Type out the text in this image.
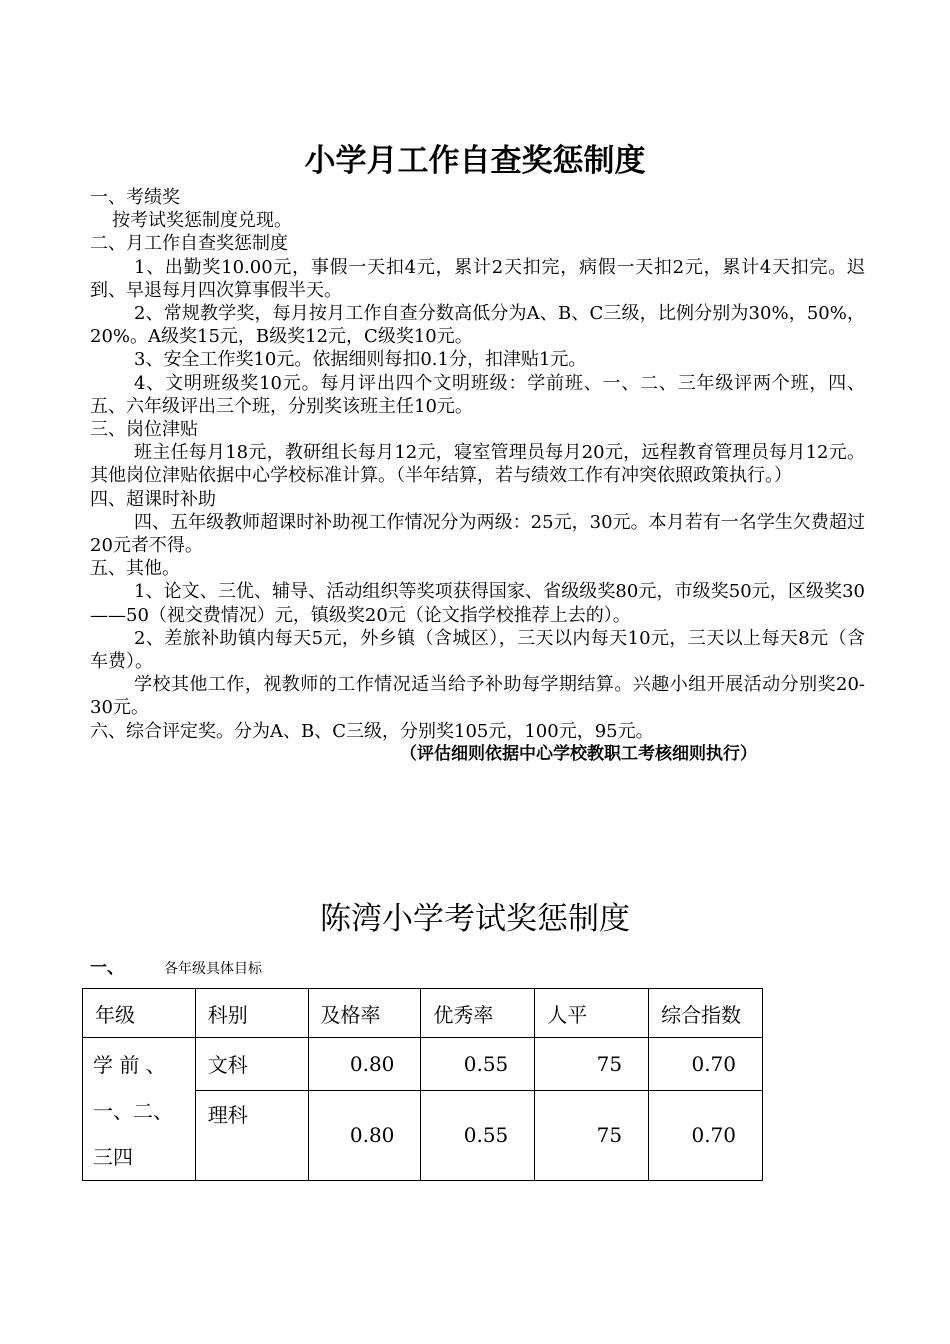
小学月工作自查奖惩制度

一、考绩奖

按考试奖惩制度兑现。

二、月工作自查奖惩制度

1、出勤奖10.00元，事假一天扣4元，累计2天扣完，病假一天扣2元，累计4天扣完。迟到、早退每月四次算事假半天。

2、常规教学奖，每月按月工作自查分数高低分为A、B、C三级，比例分别为30%，50%，20%。A级奖15元，B级奖12元，C级奖10元。

3、安全工作奖10元。依据细则每扣0.1分，扣津贴1元。

4、文明班级奖10元。每月评出四个文明班级：学前班、一、二、三年级评两个班，四、五、六年级评出三个班，分别奖该班主任10元。

三、岗位津贴

班主任每月18元，教研组长每月12元，寝室管理员每月20元，远程教育管理员每月12元。其他岗位津贴依据中心学校标准计算。（半年结算，若与绩效工作有冲突依照政策执行。）

四、超课时补助

四、五年级教师超课时补助视工作情况分为两级：25元，30元。本月若有一名学生欠费超过20元者不得。

五、其他。

1、论文、三优、辅导、活动组织等奖项获得国家、省级级奖80元，市级奖50元，区级奖30——50（视交费情况）元，镇级奖20元（论文指学校推荐上去的）。

2、差旅补助镇内每天5元，外乡镇（含城区），三天以内每天10元，三天以上每天8元（含车费）。

学校其他工作，视教师的工作情况适当给予补助每学期结算。兴趣小组开展活动分别奖20-30元。

六、综合评定奖。分为A、B、C三级，分别奖105元，100元，95元。

（评估细则依据中心学校教职工考核细则执行）

陈湾小学考试奖惩制度
一、	各年级具体目标
年级	科别	及格率	优秀率	人平	综合指数
学 前 、 一、二、 三四	文科	0.80	0.55	75	0.70
	理科	0.80	0.55	75	0.70
